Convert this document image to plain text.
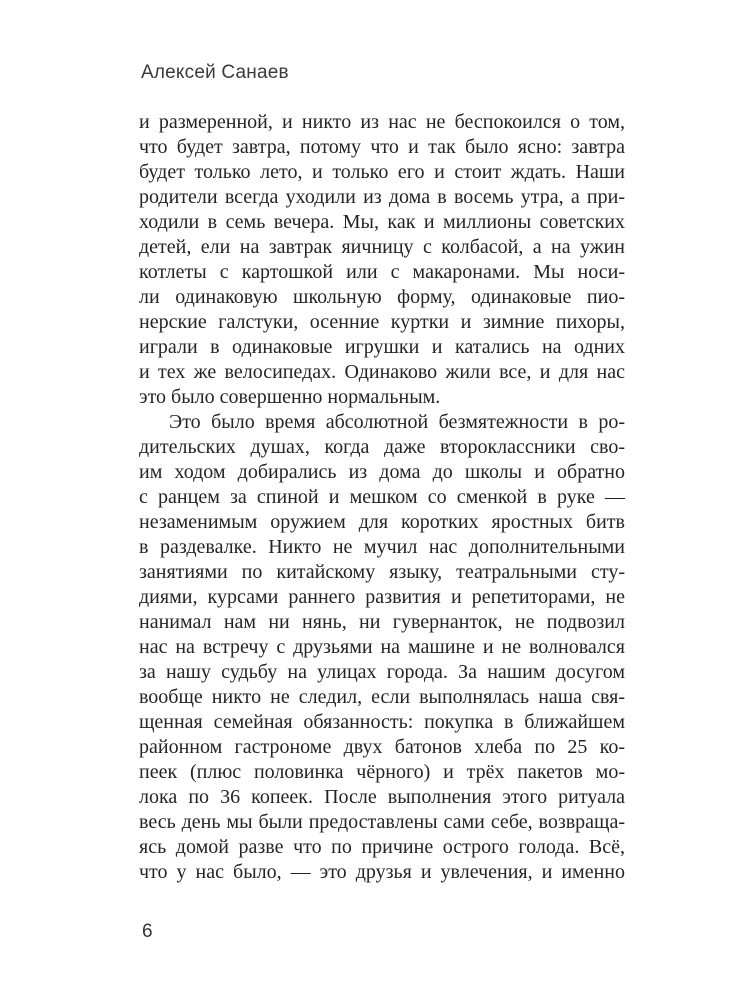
Алексей Санаев
и размеренной, и никто из нас не беспокоился о том,
что будет завтра, потому что и так было ясно: завтра
будет только лето, и только его и стоит ждать. Наши
родители всегда уходили из дома в восемь утра, а при-
ходили в семь вечера. Мы, как и миллионы советских
детей, ели на завтрак яичницу с колбасой, а на ужин
котлеты с картошкой или с макаронами. Мы носи-
ли одинаковую школьную форму, одинаковые пио-
нерские галстуки, осенние куртки и зимние пихоры,
играли в одинаковые игрушки и катались на одних
и тех же велосипедах. Одинаково жили все, и для нас
это было совершенно нормальным.
Это было время абсолютной безмятежности в ро-
дительских душах, когда даже второклассники сво-
им ходом добирались из дома до школы и обратно
с ранцем за спиной и мешком со сменкой в руке —
незаменимым оружием для коротких яростных битв
в раздевалке. Никто не мучил нас дополнительными
занятиями по китайскому языку, театральными сту-
диями, курсами раннего развития и репетиторами, не
нанимал нам ни нянь, ни гувернанток, не подвозил
нас на встречу с друзьями на машине и не волновался
за нашу судьбу на улицах города. За нашим досугом
вообще никто не следил, если выполнялась наша свя-
щенная семейная обязанность: покупка в ближайшем
районном гастрономе двух батонов хлеба по 25 ко-
пеек (плюс половинка чёрного) и трёх пакетов мо-
лока по 36 копеек. После выполнения этого ритуала
весь день мы были предоставлены сами себе, возвраща-
ясь домой разве что по причине острого голода. Всё,
что у нас было, — это друзья и увлечения, и именно
6
